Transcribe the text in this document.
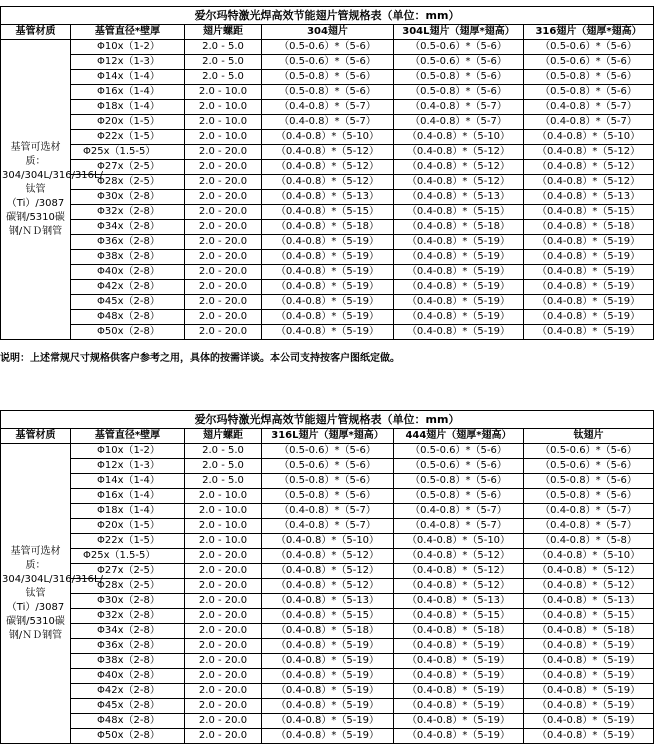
爱尔玛特激光焊高效节能翅片管规格表（单位：mm）					
基管材质	基管直径*壁厚	翅片螺距	304翅片	304L翅片（翅厚*翅高）	316翅片（翅厚*翅高）
基管可选材质：304/304L/316/316L/钛管（Ti）/3087碳钢/5310碳钢/ＮＤ钢管	Φ10x（1-2）	2.0 - 5.0	（0.5-0.6）*（5-6）	（0.5-0.6）*（5-6）	（0.5-0.6）*（5-6）
	Φ12x（1-3）	2.0 - 5.0	（0.5-0.6）*（5-6）	（0.5-0.6）*（5-6）	（0.5-0.6）*（5-6）
	Φ14x（1-4）	2.0 - 5.0	（0.5-0.8）*（5-6）	（0.5-0.8）*（5-6）	（0.5-0.8）*（5-6）
	Φ16x（1-4）	2.0 - 10.0	（0.5-0.8）*（5-6）	（0.5-0.8）*（5-6）	（0.5-0.8）*（5-6）
	Φ18x（1-4）	2.0 - 10.0	（0.4-0.8）*（5-7）	（0.4-0.8）*（5-7）	（0.4-0.8）*（5-7）
	Φ20x（1-5）	2.0 - 10.0	（0.4-0.8）*（5-7）	（0.4-0.8）*（5-7）	（0.4-0.8）*（5-7）
	Φ22x（1-5）	2.0 - 10.0	（0.4-0.8）*（5-10）	（0.4-0.8）*（5-10）	（0.4-0.8）*（5-10）
	Φ25x（1.5-5）	2.0 - 20.0	（0.4-0.8）*（5-12）	（0.4-0.8）*（5-12）	（0.4-0.8）*（5-12）
	Φ27x（2-5）	2.0 - 20.0	（0.4-0.8）*（5-12）	（0.4-0.8）*（5-12）	（0.4-0.8）*（5-12）
	Φ28x（2-5）	2.0 - 20.0	（0.4-0.8）*（5-12）	（0.4-0.8）*（5-12）	（0.4-0.8）*（5-12）
	Φ30x（2-8）	2.0 - 20.0	（0.4-0.8）*（5-13）	（0.4-0.8）*（5-13）	（0.4-0.8）*（5-13）
	Φ32x（2-8）	2.0 - 20.0	（0.4-0.8）*（5-15）	（0.4-0.8）*（5-15）	（0.4-0.8）*（5-15）
	Φ34x（2-8）	2.0 - 20.0	（0.4-0.8）*（5-18）	（0.4-0.8）*（5-18）	（0.4-0.8）*（5-18）
	Φ36x（2-8）	2.0 - 20.0	（0.4-0.8）*（5-19）	（0.4-0.8）*（5-19）	（0.4-0.8）*（5-19）
	Φ38x（2-8）	2.0 - 20.0	（0.4-0.8）*（5-19）	（0.4-0.8）*（5-19）	（0.4-0.8）*（5-19）
	Φ40x（2-8）	2.0 - 20.0	（0.4-0.8）*（5-19）	（0.4-0.8）*（5-19）	（0.4-0.8）*（5-19）
	Φ42x（2-8）	2.0 - 20.0	（0.4-0.8）*（5-19）	（0.4-0.8）*（5-19）	（0.4-0.8）*（5-19）
	Φ45x（2-8）	2.0 - 20.0	（0.4-0.8）*（5-19）	（0.4-0.8）*（5-19）	（0.4-0.8）*（5-19）
	Φ48x（2-8）	2.0 - 20.0	（0.4-0.8）*（5-19）	（0.4-0.8）*（5-19）	（0.4-0.8）*（5-19）
	Φ50x（2-8）	2.0 - 20.0	（0.4-0.8）*（5-19）	（0.4-0.8）*（5-19）	（0.4-0.8）*（5-19）
说明：上述常规尺寸规格供客户参考之用，具体的按需详谈。本公司支持按客户图纸定做。
爱尔玛特激光焊高效节能翅片管规格表（单位：mm）					
基管材质	基管直径*壁厚	翅片螺距	316L翅片（翅厚*翅高）	444翅片（翅厚*翅高）	钛翅片
基管可选材质：304/304L/316/316L/钛管（Ti）/3087碳钢/5310碳钢/ＮＤ钢管	Φ10x（1-2）	2.0 - 5.0	（0.5-0.6）*（5-6）	（0.5-0.6）*（5-6）	（0.5-0.6）*（5-6）
	Φ12x（1-3）	2.0 - 5.0	（0.5-0.6）*（5-6）	（0.5-0.6）*（5-6）	（0.5-0.6）*（5-6）
	Φ14x（1-4）	2.0 - 5.0	（0.5-0.8）*（5-6）	（0.5-0.8）*（5-6）	（0.5-0.8）*（5-6）
	Φ16x（1-4）	2.0 - 10.0	（0.5-0.8）*（5-6）	（0.5-0.8）*（5-6）	（0.5-0.8）*（5-6）
	Φ18x（1-4）	2.0 - 10.0	（0.4-0.8）*（5-7）	（0.4-0.8）*（5-7）	（0.4-0.8）*（5-7）
	Φ20x（1-5）	2.0 - 10.0	（0.4-0.8）*（5-7）	（0.4-0.8）*（5-7）	（0.4-0.8）*（5-7）
	Φ22x（1-5）	2.0 - 10.0	（0.4-0.8）*（5-10）	（0.4-0.8）*（5-10）	（0.4-0.8）*（5-8）
	Φ25x（1.5-5）	2.0 - 20.0	（0.4-0.8）*（5-12）	（0.4-0.8）*（5-12）	（0.4-0.8）*（5-10）
	Φ27x（2-5）	2.0 - 20.0	（0.4-0.8）*（5-12）	（0.4-0.8）*（5-12）	（0.4-0.8）*（5-12）
	Φ28x（2-5）	2.0 - 20.0	（0.4-0.8）*（5-12）	（0.4-0.8）*（5-12）	（0.4-0.8）*（5-12）
	Φ30x（2-8）	2.0 - 20.0	（0.4-0.8）*（5-13）	（0.4-0.8）*（5-13）	（0.4-0.8）*（5-13）
	Φ32x（2-8）	2.0 - 20.0	（0.4-0.8）*（5-15）	（0.4-0.8）*（5-15）	（0.4-0.8）*（5-15）
	Φ34x（2-8）	2.0 - 20.0	（0.4-0.8）*（5-18）	（0.4-0.8）*（5-18）	（0.4-0.8）*（5-18）
	Φ36x（2-8）	2.0 - 20.0	（0.4-0.8）*（5-19）	（0.4-0.8）*（5-19）	（0.4-0.8）*（5-19）
	Φ38x（2-8）	2.0 - 20.0	（0.4-0.8）*（5-19）	（0.4-0.8）*（5-19）	（0.4-0.8）*（5-19）
	Φ40x（2-8）	2.0 - 20.0	（0.4-0.8）*（5-19）	（0.4-0.8）*（5-19）	（0.4-0.8）*（5-19）
	Φ42x（2-8）	2.0 - 20.0	（0.4-0.8）*（5-19）	（0.4-0.8）*（5-19）	（0.4-0.8）*（5-19）
	Φ45x（2-8）	2.0 - 20.0	（0.4-0.8）*（5-19）	（0.4-0.8）*（5-19）	（0.4-0.8）*（5-19）
	Φ48x（2-8）	2.0 - 20.0	（0.4-0.8）*（5-19）	（0.4-0.8）*（5-19）	（0.4-0.8）*（5-19）
	Φ50x（2-8）	2.0 - 20.0	（0.4-0.8）*（5-19）	（0.4-0.8）*（5-19）	（0.4-0.8）*（5-19）
